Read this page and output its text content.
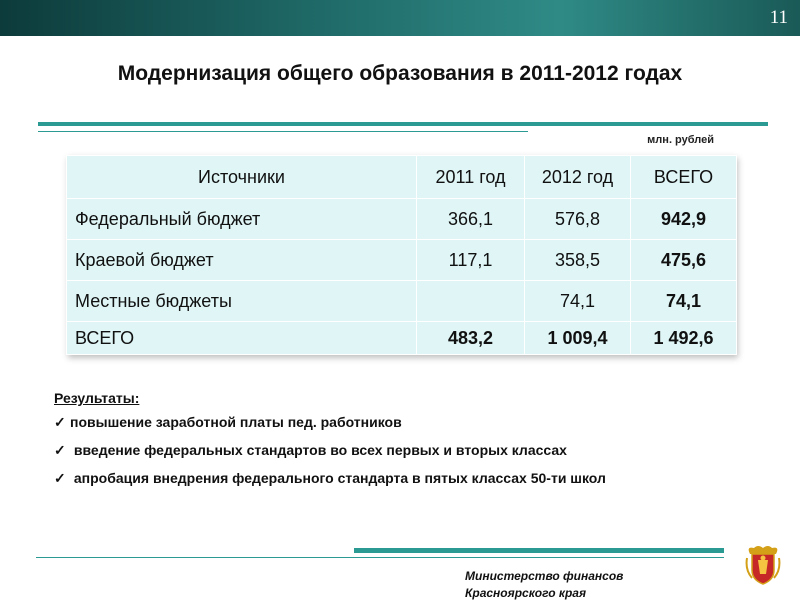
11
Модернизация общего образования в 2011-2012 годах
млн. рублей
Источники	2011 год	2012 год	ВСЕГО
Федеральный бюджет	366,1	576,8	942,9
Краевой бюджет	117,1	358,5	475,6
Местные бюджеты		74,1	74,1
ВСЕГО	483,2	1 009,4	1 492,6
Результаты:
✓ повышение заработной платы пед. работников
✓ введение федеральных стандартов во всех первых и вторых классах
✓ апробация внедрения федерального стандарта в пятых классах 50-ти школ
Министерство финансов
Красноярского края
